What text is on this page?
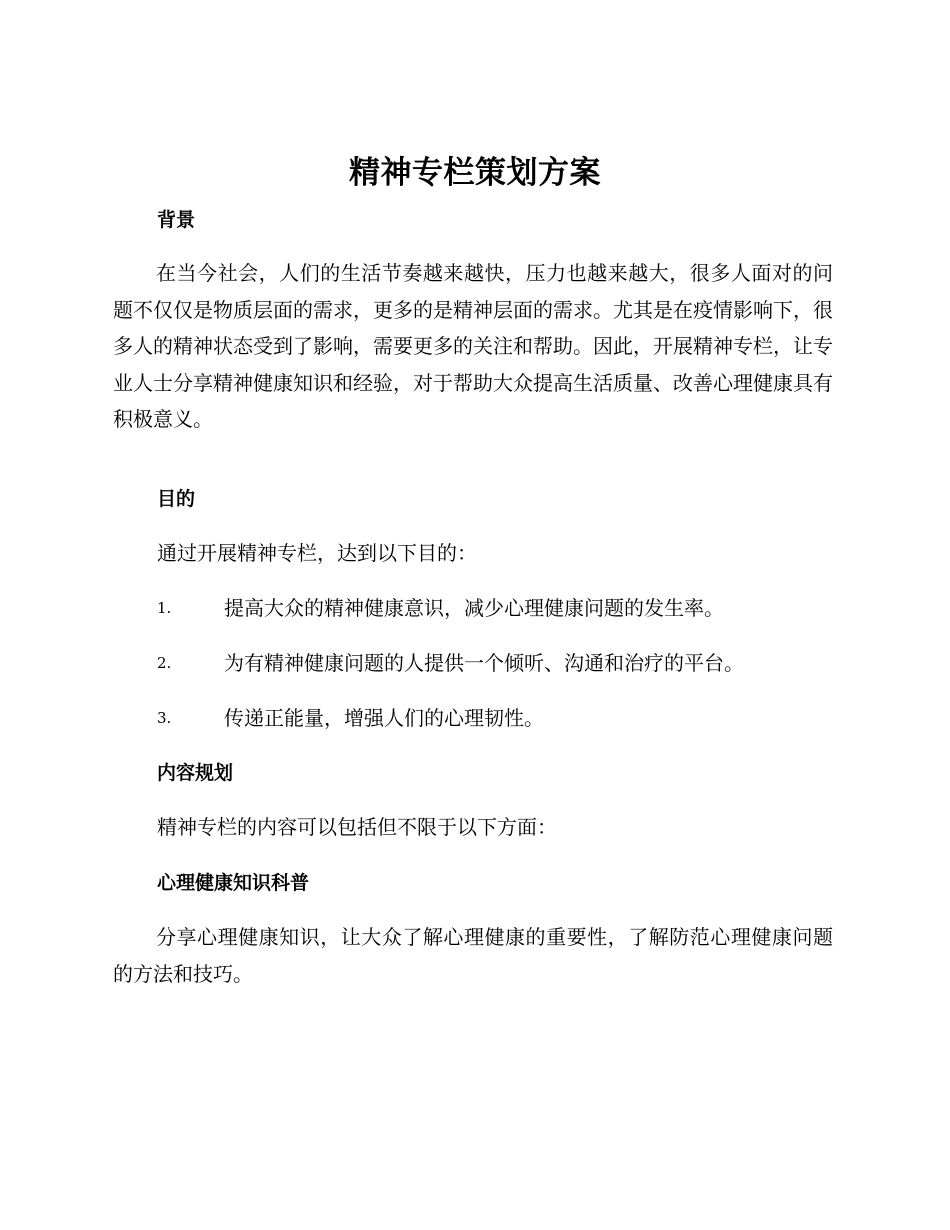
精神专栏策划方案
背景

在当今社会，人们的生活节奏越来越快，压力也越来越大，很多人面对的问题不仅仅是物质层面的需求，更多的是精神层面的需求。尤其是在疫情影响下，很多人的精神状态受到了影响，需要更多的关注和帮助。因此，开展精神专栏，让专业人士分享精神健康知识和经验，对于帮助大众提高生活质量、改善心理健康具有积极意义。

目的
通过开展精神专栏，达到以下目的：
1.	提高大众的精神健康意识，减少心理健康问题的发生率。
2.	为有精神健康问题的人提供一个倾听、沟通和治疗的平台。
3.	传递正能量，增强人们的心理韧性。
内容规划
精神专栏的内容可以包括但不限于以下方面：
心理健康知识科普

分享心理健康知识，让大众了解心理健康的重要性，了解防范心理健康问题的方法和技巧。
